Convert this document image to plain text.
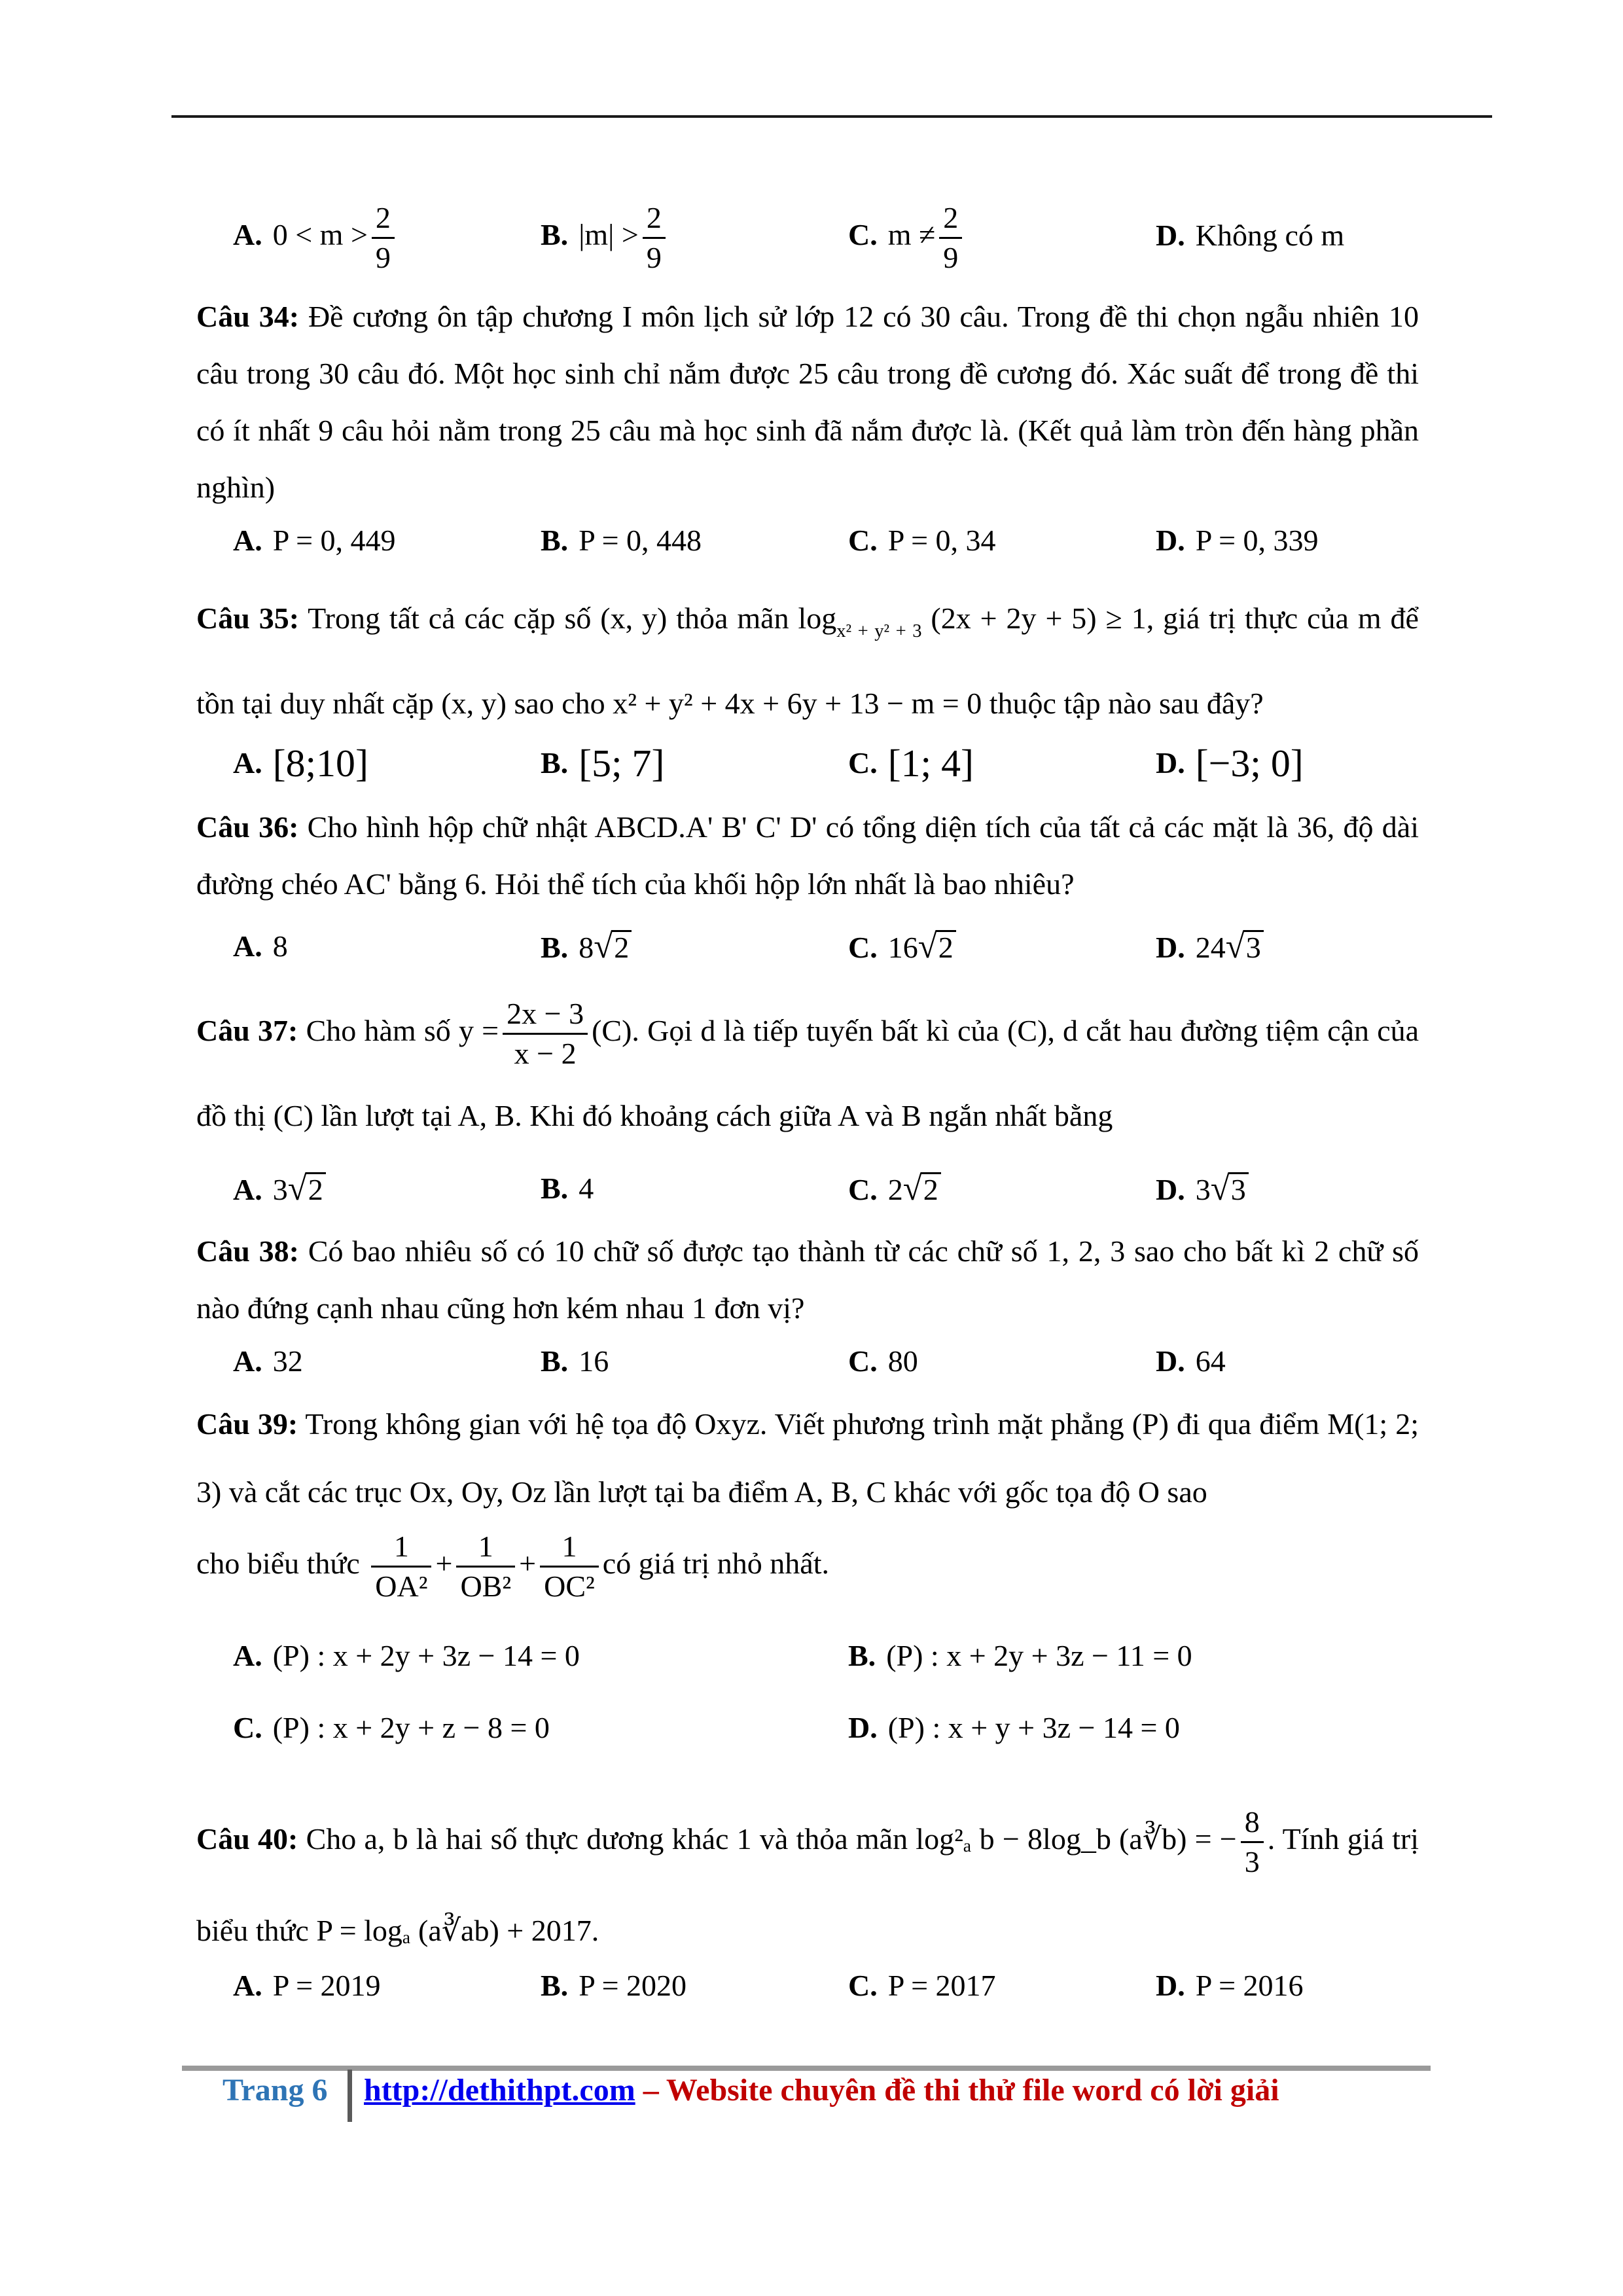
A. $0 < m > \frac{2}{9}$	B. $|m| > \frac{2}{9}$	C. $m \ne \frac{2}{9}$	D. Không có m
Câu 34: Đề cương ôn tập chương I môn lịch sử lớp 12 có 30 câu. Trong đề thi chọn ngẫu nhiên 10 câu trong 30 câu đó. Một học sinh chỉ nắm được 25 câu trong đề cương đó. Xác suất để trong đề thi có ít nhất 9 câu hỏi nằm trong 25 câu mà học sinh đã nắm được là. (Kết quả làm tròn đến hàng phần nghìn)
A. P = 0, 449	B. P = 0, 448	C. P = 0, 34	D. P = 0, 339
Câu 35: Trong tất cả các cặp số (x, y) thỏa mãn $\log_{x^2 + y^2 + 3} (2x + 2y + 5) \ge 1$, giá trị thực của m để tồn tại duy nhất cặp (x, y) sao cho x² + y² + 4x + 6y + 13 − m = 0 thuộc tập nào sau đây?
A. [8;10]	B. [5; 7]	C. [1; 4]	D. [−3; 0]
Câu 36: Cho hình hộp chữ nhật ABCD.A' B' C' D' có tổng diện tích của tất cả các mặt là 36, độ dài đường chéo AC' bằng 6. Hỏi thể tích của khối hộp lớn nhất là bao nhiêu?
A. 8	B. 8√2	C. 16√2	D. 24√3
Câu 37: Cho hàm số $y = \frac{2x - 3}{x - 2} (C)$. Gọi d là tiếp tuyến bất kì của (C), d cắt hau đường tiệm cận của đồ thị (C) lần lượt tại A, B. Khi đó khoảng cách giữa A và B ngắn nhất bằng
A. 3√2	B. 4	C. 2√2	D. 3√3
Câu 38: Có bao nhiêu số có 10 chữ số được tạo thành từ các chữ số 1, 2, 3 sao cho bất kì 2 chữ số nào đứng cạnh nhau cũng hơn kém nhau 1 đơn vị?
A. 32	B. 16	C. 80	D. 64
Câu 39: Trong không gian với hệ tọa độ Oxyz. Viết phương trình mặt phẳng (P) đi qua điểm M(1; 2; 3) và cắt các trục Ox, Oy, Oz lần lượt tại ba điểm A, B, C khác với gốc tọa độ O sao
cho biểu thức $\frac{1}{\text{OA²}} + \frac{1}{\text{OB²}} + \frac{1}{\text{OC²}}$ có giá trị nhỏ nhất.
A. (P) : x + 2y + 3z − 14 = 0	B. (P) : x + 2y + 3z − 11 = 0
C. (P) : x + 2y + z − 8 = 0	D. (P) : x + y + 3z − 14 = 0
Câu 40: Cho a, b là hai số thực dương khác 1 và thỏa mãn log²ₐ b − 8log_b (a∛b) = − $\frac{8}{3}$ . Tính giá trị biểu thức P = logₐ (a∛ab) + 2017.
A. P = 2019	B. P = 2020	C. P = 2017	D. P = 2016
Trang 6 http://dethithpt.com – Website chuyên đề thi thử file word có lời giải
